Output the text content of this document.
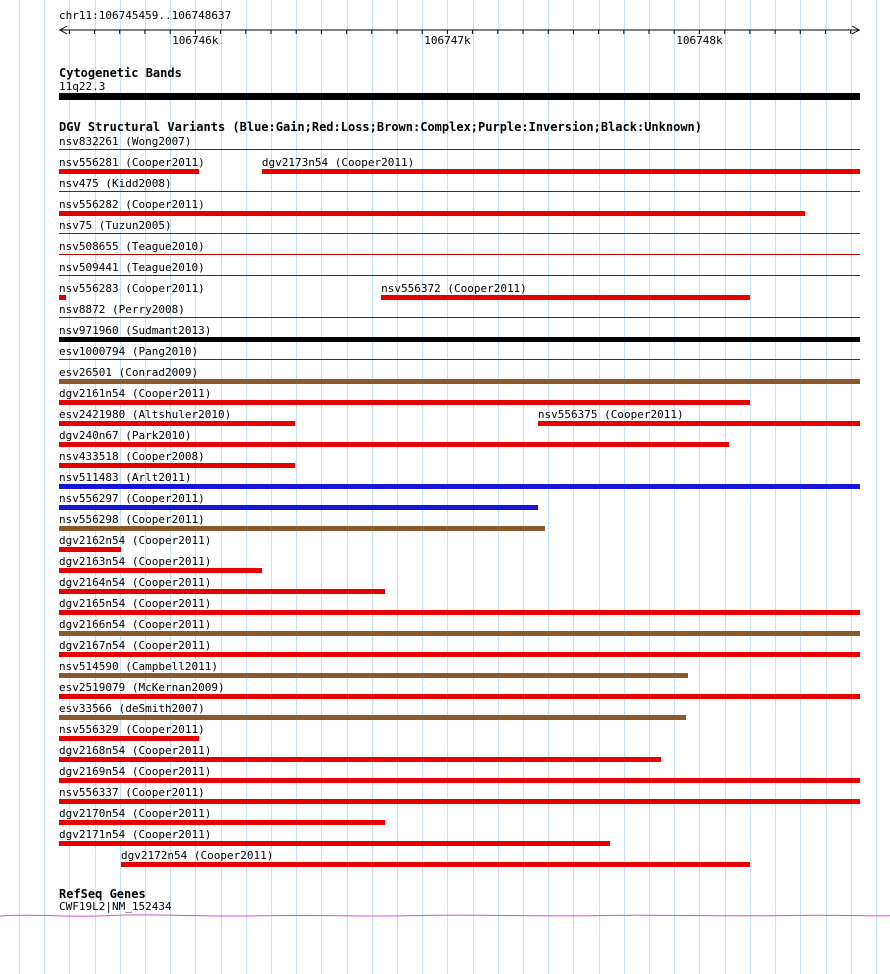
chr11:106745459..106748637
106746k	106747k	106748k
Cytogenetic Bands
11q22.3
DGV Structural Variants (Blue:Gain;Red:Loss;Brown:Complex;Purple:Inversion;Black:Unknown)
nsv832261 (Wong2007)
nsv556281 (Cooper2011)	dgv2173n54 (Cooper2011)
nsv475 (Kidd2008)
nsv556282 (Cooper2011)
nsv75 (Tuzun2005)
nsv508655 (Teague2010)
nsv509441 (Teague2010)
nsv556283 (Cooper2011)	nsv556372 (Cooper2011)
nsv8872 (Perry2008)
nsv971960 (Sudmant2013)
esv1000794 (Pang2010)
esv26501 (Conrad2009)
dgv2161n54 (Cooper2011)
esv2421980 (Altshuler2010)	nsv556375 (Cooper2011)
dgv240n67 (Park2010)
nsv433518 (Cooper2008)
nsv511483 (Arlt2011)
nsv556297 (Cooper2011)
nsv556298 (Cooper2011)
dgv2162n54 (Cooper2011)
dgv2163n54 (Cooper2011)
dgv2164n54 (Cooper2011)
dgv2165n54 (Cooper2011)
dgv2166n54 (Cooper2011)
dgv2167n54 (Cooper2011)
nsv514590 (Campbell2011)
esv2519079 (McKernan2009)
esv33566 (deSmith2007)
nsv556329 (Cooper2011)
dgv2168n54 (Cooper2011)
dgv2169n54 (Cooper2011)
nsv556337 (Cooper2011)
dgv2170n54 (Cooper2011)
dgv2171n54 (Cooper2011)
dgv2172n54 (Cooper2011)
RefSeq Genes
CWF19L2|NM_152434
